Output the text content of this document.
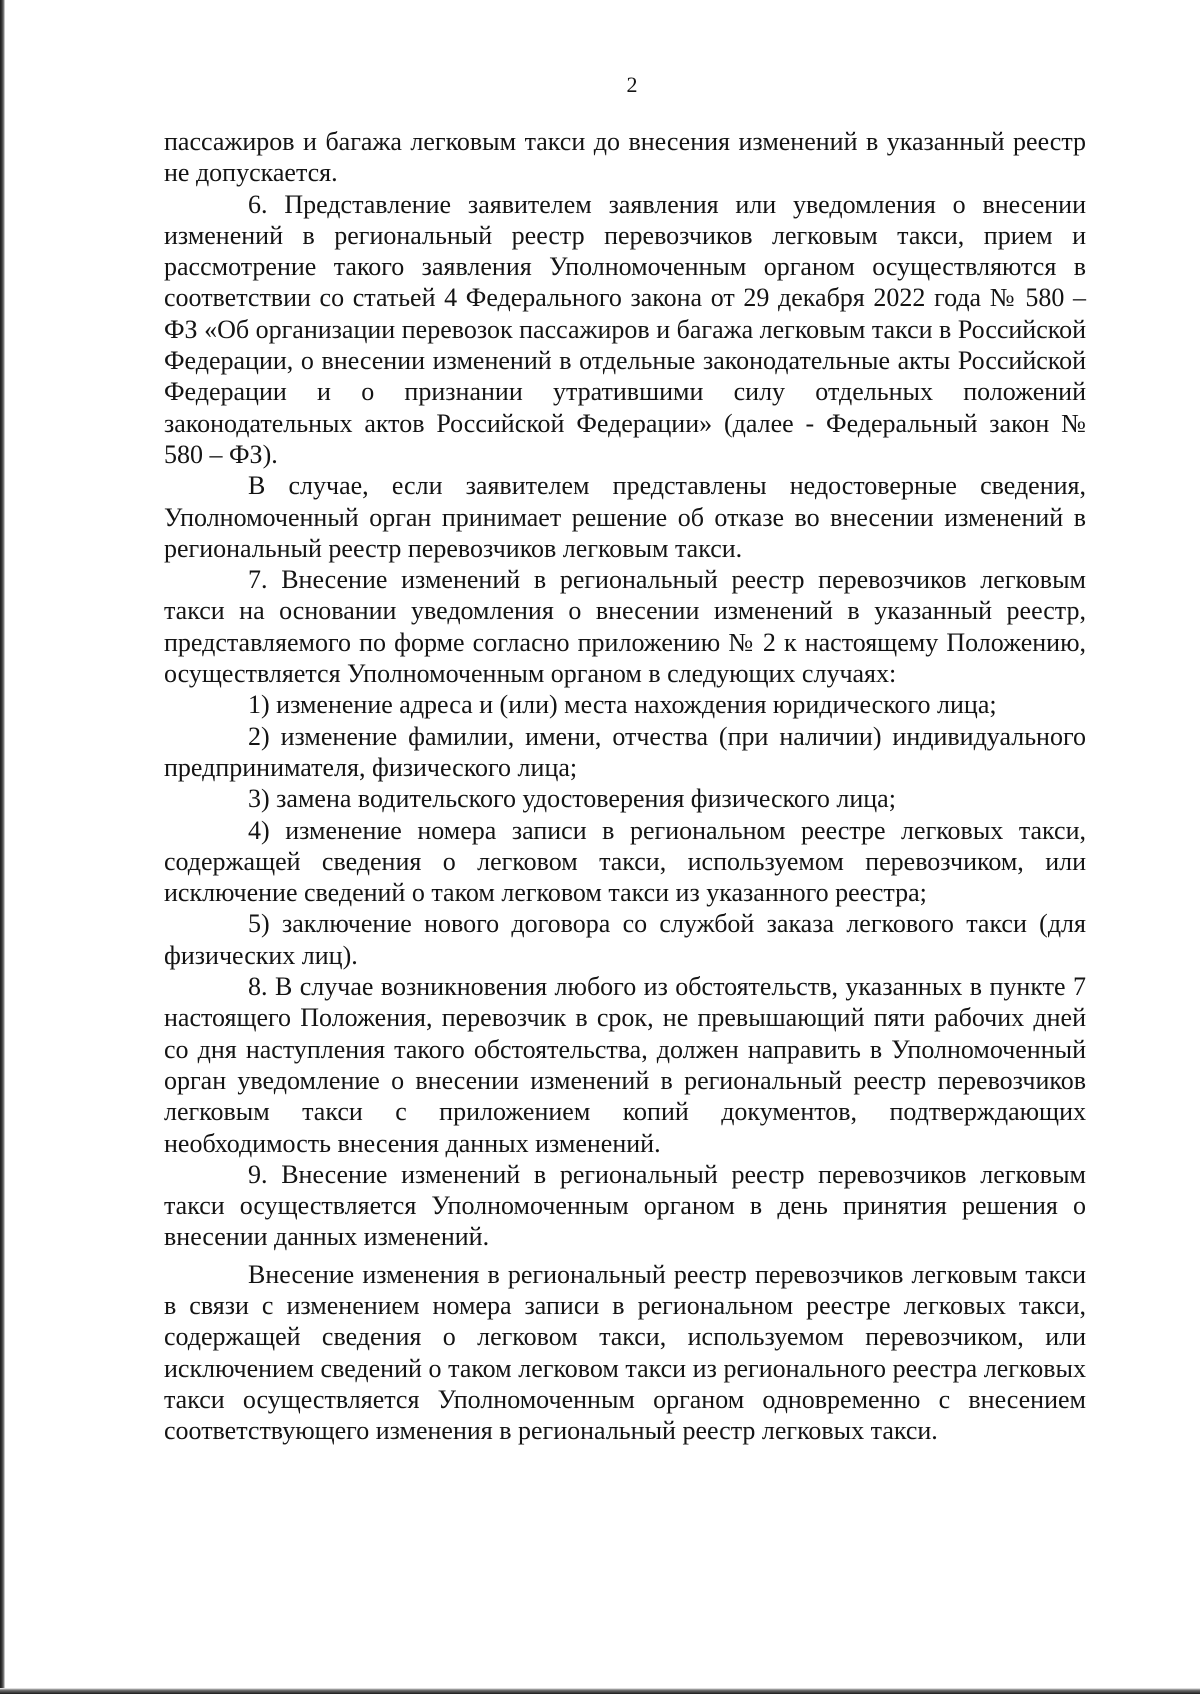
2

пассажиров и багажа легковым такси до внесения изменений в указанный реестр не допускается.

6. Представление заявителем заявления или уведомления о внесении изменений в региональный реестр перевозчиков легковым такси, прием и рассмотрение такого заявления Уполномоченным органом осуществляются в соответствии со статьей 4 Федерального закона от 29 декабря 2022 года № 580 – ФЗ «Об организации перевозок пассажиров и багажа легковым такси в Российской Федерации, о внесении изменений в отдельные законодательные акты Российской Федерации и о признании утратившими силу отдельных положений законодательных актов Российской Федерации» (далее - Федеральный закон № 580 – ФЗ).

В случае, если заявителем представлены недостоверные сведения, Уполномоченный орган принимает решение об отказе во внесении изменений в региональный реестр перевозчиков легковым такси.

7. Внесение изменений в региональный реестр перевозчиков легковым такси на основании уведомления о внесении изменений в указанный реестр, представляемого по форме согласно приложению № 2 к настоящему Положению, осуществляется Уполномоченным органом в следующих случаях:

1) изменение адреса и (или) места нахождения юридического лица;

2) изменение фамилии, имени, отчества (при наличии) индивидуального предпринимателя, физического лица;

3) замена водительского удостоверения физического лица;

4) изменение номера записи в региональном реестре легковых такси, содержащей сведения о легковом такси, используемом перевозчиком, или исключение сведений о таком легковом такси из указанного реестра;

5) заключение нового договора со службой заказа легкового такси (для физических лиц).

8. В случае возникновения любого из обстоятельств, указанных в пункте 7 настоящего Положения, перевозчик в срок, не превышающий пяти рабочих дней со дня наступления такого обстоятельства, должен направить в Уполномоченный орган уведомление о внесении изменений в региональный реестр перевозчиков легковым такси с приложением копий документов, подтверждающих необходимость внесения данных изменений.

9. Внесение изменений в региональный реестр перевозчиков легковым такси осуществляется Уполномоченным органом в день принятия решения о внесении данных изменений.

Внесение изменения в региональный реестр перевозчиков легковым такси в связи с изменением номера записи в региональном реестре легковых такси, содержащей сведения о легковом такси, используемом перевозчиком, или исключением сведений о таком легковом такси из регионального реестра легковых такси осуществляется Уполномоченным органом одновременно с внесением соответствующего изменения в региональный реестр легковых такси.
